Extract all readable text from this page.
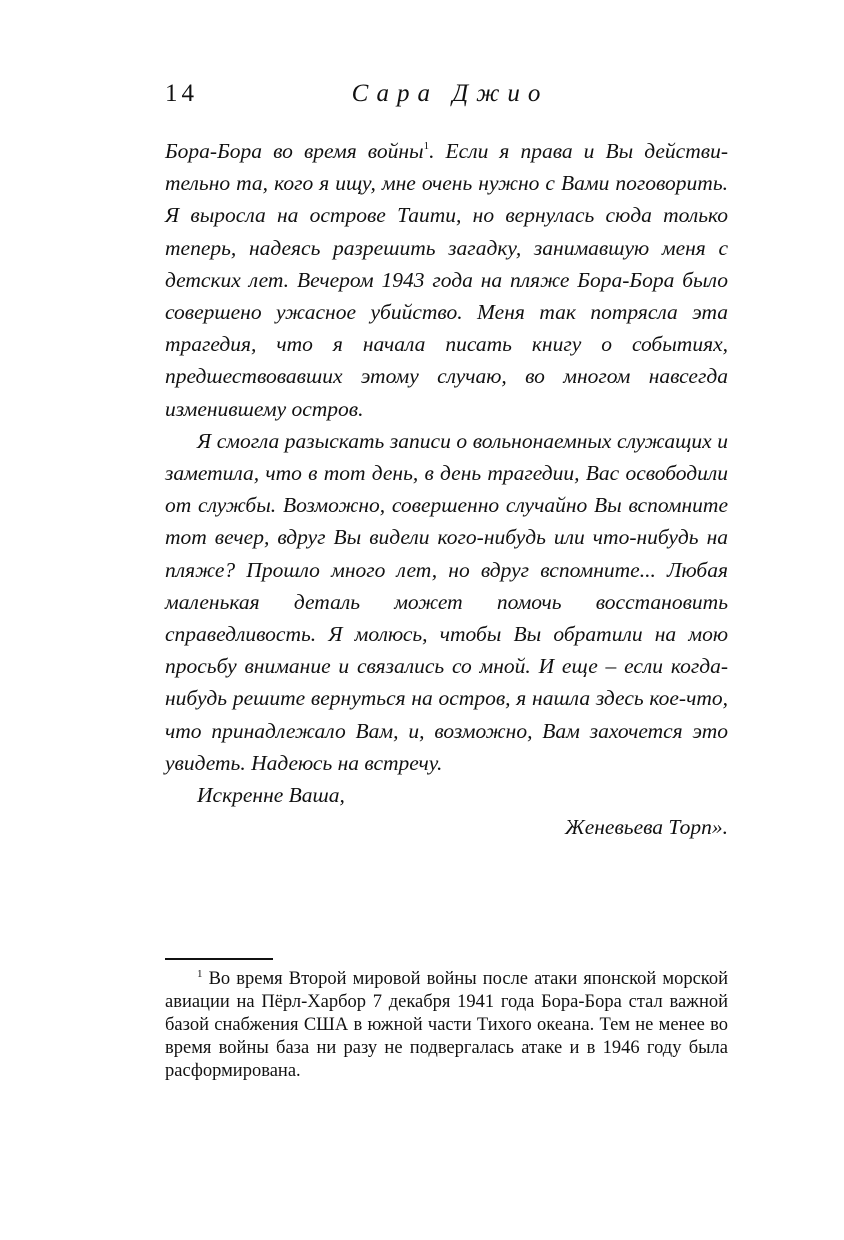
14	Сара Джио

Бора-Бора во время войны$^1$. Если я права и Вы действительно та, кого я ищу, мне очень нужно с Вами поговорить. Я выросла на острове Таити, но вернулась сюда только теперь, надеясь разрешить загадку, занимавшую меня с детских лет. Вечером 1943 года на пляже Бора-Бора было совершено ужасное убийство. Меня так потрясла эта трагедия, что я начала писать книгу о событиях, предшествовавших этому случаю, во многом навсегда изменившему остров.

Я смогла разыскать записи о вольнонаемных служащих и заметила, что в тот день, в день трагедии, Вас освободили от службы. Возможно, совершенно случайно Вы вспомните тот вечер, вдруг Вы видели кого-нибудь или что-нибудь на пляже? Прошло много лет, но вдруг вспомните... Любая маленькая деталь может помочь восстановить справедливость. Я молюсь, чтобы Вы обратили на мою просьбу внимание и связались со мной. И еще – если когда-нибудь решите вернуться на остров, я нашла здесь кое-что, что принадлежало Вам, и, возможно, Вам захочется это увидеть. Надеюсь на встречу.

Искренне Ваша,

Женевьева Торп».

$^1$ Во время Второй мировой войны после атаки японской морской авиации на Пёрл-Харбор 7 декабря 1941 года Бора-Бора стал важной базой снабжения США в южной части Тихого океана. Тем не менее во время войны база ни разу не подвергалась атаке и в 1946 году была расформирована.
